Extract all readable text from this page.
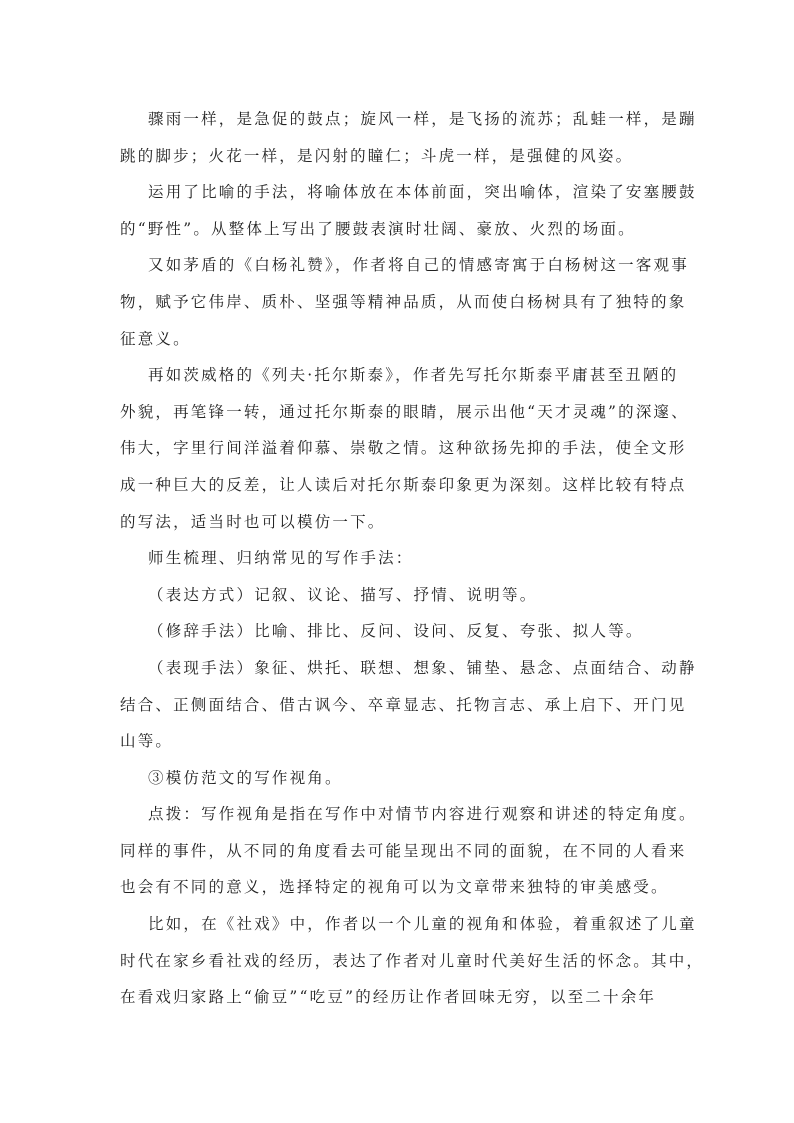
骤雨一样，是急促的鼓点；旋风一样，是飞扬的流苏；乱蛙一样，是蹦
跳的脚步；火花一样，是闪射的瞳仁；斗虎一样，是强健的风姿。
运用了比喻的手法，将喻体放在本体前面，突出喻体，渲染了安塞腰鼓
的“野性”。从整体上写出了腰鼓表演时壮阔、豪放、火烈的场面。
又如茅盾的《白杨礼赞》，作者将自己的情感寄寓于白杨树这一客观事
物，赋予它伟岸、质朴、坚强等精神品质，从而使白杨树具有了独特的象
征意义。
再如茨威格的《列夫·托尔斯泰》，作者先写托尔斯泰平庸甚至丑陋的
外貌，再笔锋一转，通过托尔斯泰的眼睛，展示出他“天才灵魂”的深邃、
伟大，字里行间洋溢着仰慕、崇敬之情。这种欲扬先抑的手法，使全文形
成一种巨大的反差，让人读后对托尔斯泰印象更为深刻。这样比较有特点
的写法，适当时也可以模仿一下。
师生梳理、归纳常见的写作手法：
（表达方式）记叙、议论、描写、抒情、说明等。
（修辞手法）比喻、排比、反问、设问、反复、夸张、拟人等。
（表现手法）象征、烘托、联想、想象、铺垫、悬念、点面结合、动静
结合、正侧面结合、借古讽今、卒章显志、托物言志、承上启下、开门见
山等。
③模仿范文的写作视角。
点拨：写作视角是指在写作中对情节内容进行观察和讲述的特定角度。
同样的事件，从不同的角度看去可能呈现出不同的面貌，在不同的人看来
也会有不同的意义，选择特定的视角可以为文章带来独特的审美感受。
比如，在《社戏》中，作者以一个儿童的视角和体验，着重叙述了儿童
时代在家乡看社戏的经历，表达了作者对儿童时代美好生活的怀念。其中，
在看戏归家路上“偷豆”“吃豆”的经历让作者回味无穷，以至二十余年
